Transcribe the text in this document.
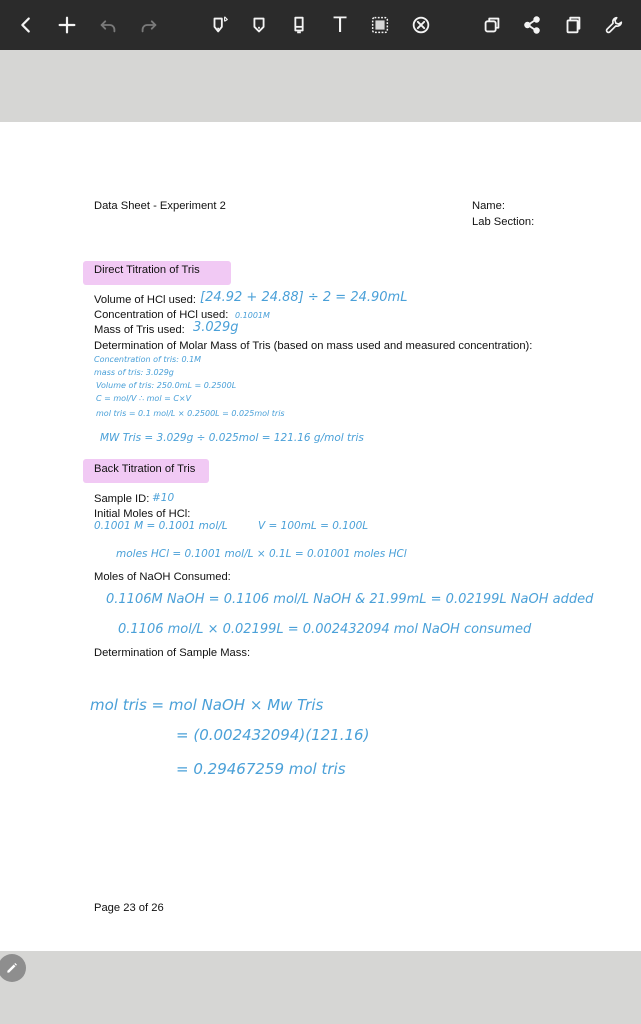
T
Data Sheet - Experiment 2	Name:
Lab Section:
Direct Titration of Tris
Volume of HCl used: [24.92 + 24.88] ÷ 2 = 24.90mL
Concentration of HCl used: 0.1001M
Mass of Tris used: 3.029g
Determination of Molar Mass of Tris (based on mass used and measured concentration):
Concentration of tris: 0.1M
mass of tris: 3.029g
Volume of tris: 250.0mL = 0.2500L
C = mol/V ∴ mol = C×V
mol tris = 0.1 mol/L × 0.2500L = 0.025mol tris
MW Tris = 3.029g ÷ 0.025mol = 121.16 g/mol tris
Back Titration of Tris
Sample ID: #10
Initial Moles of HCl:
0.1001 M = 0.1001 mol/L	V = 100mL = 0.100L
moles HCl = 0.1001 mol/L × 0.1L = 0.01001 moles HCl
Moles of NaOH Consumed:
0.1106M NaOH = 0.1106 mol/L NaOH & 21.99mL = 0.02199L NaOH added
0.1106 mol/L × 0.02199L = 0.002432094 mol NaOH consumed
Determination of Sample Mass:
mol tris = mol NaOH × Mw Tris
= (0.002432094)(121.16)
= 0.29467259 mol tris
Page 23 of 26
